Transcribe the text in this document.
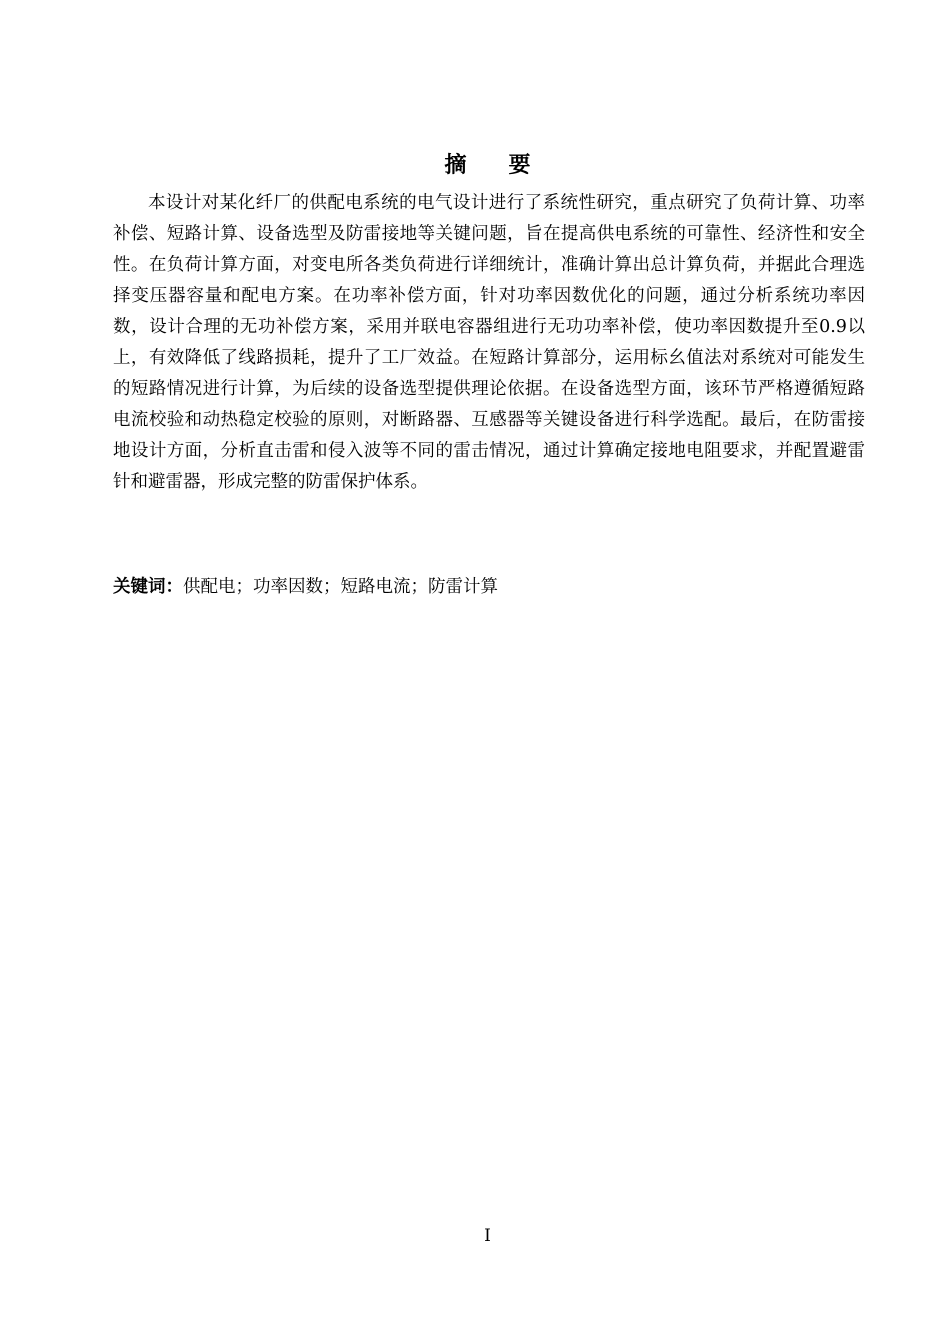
摘 要

本设计对某化纤厂的供配电系统的电气设计进行了系统性研究，重点研究了负荷计算、功率补偿、短路计算、设备选型及防雷接地等关键问题，旨在提高供电系统的可靠性、经济性和安全性。在负荷计算方面，对变电所各类负荷进行详细统计，准确计算出总计算负荷，并据此合理选择变压器容量和配电方案。在功率补偿方面，针对功率因数优化的问题，通过分析系统功率因数，设计合理的无功补偿方案，采用并联电容器组进行无功功率补偿，使功率因数提升至0.9以上，有效降低了线路损耗，提升了工厂效益。在短路计算部分，运用标幺值法对系统对可能发生的短路情况进行计算，为后续的设备选型提供理论依据。在设备选型方面，该环节严格遵循短路电流校验和动热稳定校验的原则，对断路器、互感器等关键设备进行科学选配。最后，在防雷接地设计方面，分析直击雷和侵入波等不同的雷击情况，通过计算确定接地电阻要求，并配置避雷针和避雷器，形成完整的防雷保护体系。

关键词：供配电；功率因数；短路电流；防雷计算

I
